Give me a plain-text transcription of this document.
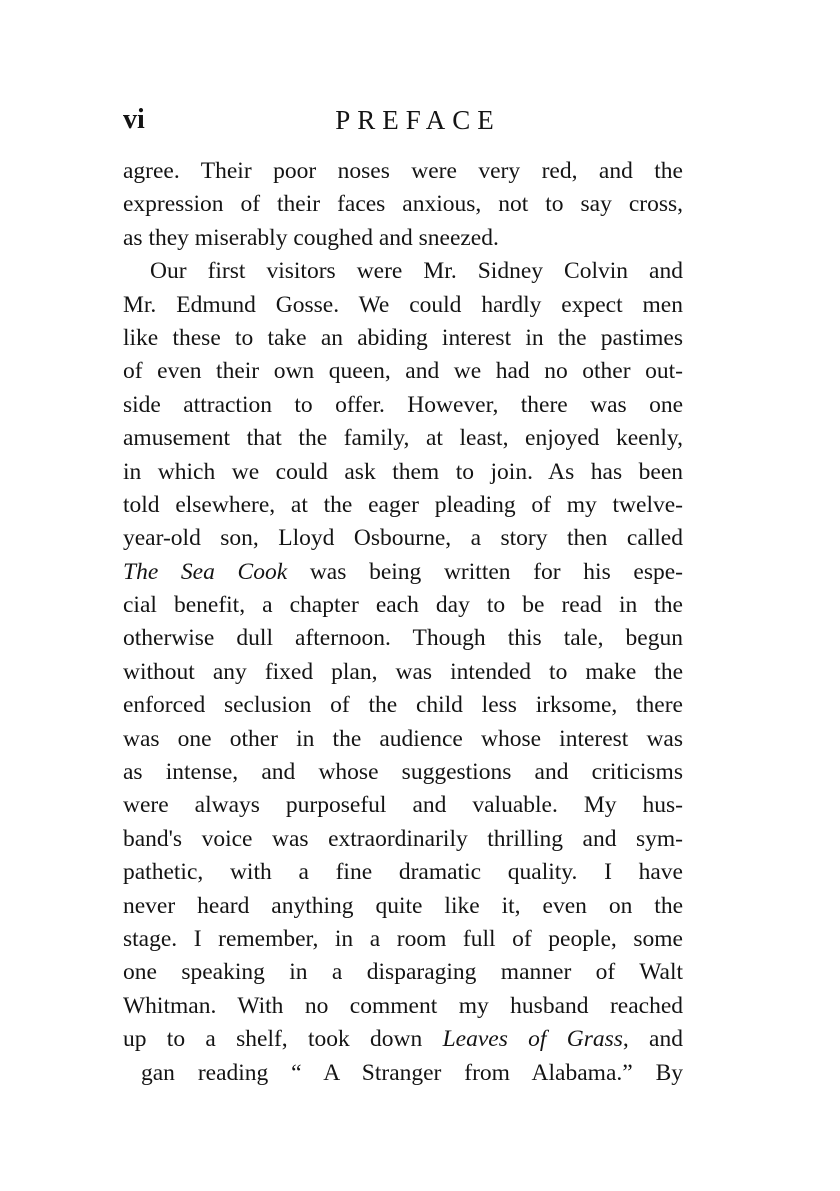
vi	PREFACE
agree. Their poor noses were very red, and the
expression of their faces anxious, not to say cross,
as they miserably coughed and sneezed.
Our first visitors were Mr. Sidney Colvin and
Mr. Edmund Gosse. We could hardly expect men
like these to take an abiding interest in the pastimes
of even their own queen, and we had no other out-
side attraction to offer. However, there was one
amusement that the family, at least, enjoyed keenly,
in which we could ask them to join. As has been
told elsewhere, at the eager pleading of my twelve-
year-old son, Lloyd Osbourne, a story then called
The Sea Cook was being written for his espe-
cial benefit, a chapter each day to be read in the
otherwise dull afternoon. Though this tale, begun
without any fixed plan, was intended to make the
enforced seclusion of the child less irksome, there
was one other in the audience whose interest was
as intense, and whose suggestions and criticisms
were always purposeful and valuable. My hus-
band's voice was extraordinarily thrilling and sym-
pathetic, with a fine dramatic quality. I have
never heard anything quite like it, even on the
stage. I remember, in a room full of people, some
one speaking in a disparaging manner of Walt
Whitman. With no comment my husband reached
up to a shelf, took down Leaves of Grass, and
gan reading “ A Stranger from Alabama.” By
